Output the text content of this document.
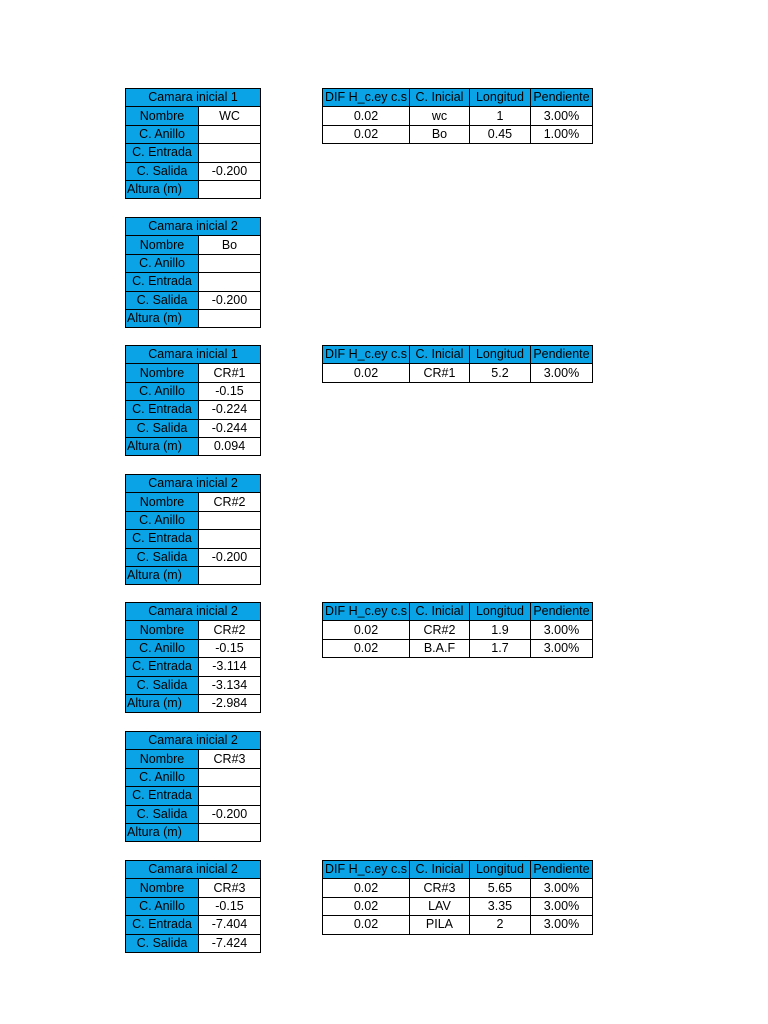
Camara inicial 1	
Nombre	WC
C. Anillo	
C. Entrada	
C. Salida	-0.200
Altura (m)	
Camara inicial 2	
Nombre	Bo
C. Anillo	
C. Entrada	
C. Salida	-0.200
Altura (m)	
Camara inicial 1	
Nombre	CR#1
C. Anillo	-0.15
C. Entrada	-0.224
C. Salida	-0.244
Altura (m)	0.094
Camara inicial 2	
Nombre	CR#2
C. Anillo	
C. Entrada	
C. Salida	-0.200
Altura (m)	
Camara inicial 2	
Nombre	CR#2
C. Anillo	-0.15
C. Entrada	-3.114
C. Salida	-3.134
Altura (m)	-2.984
Camara inicial 2	
Nombre	CR#3
C. Anillo	
C. Entrada	
C. Salida	-0.200
Altura (m)	
Camara inicial 2	
Nombre	CR#3
C. Anillo	-0.15
C. Entrada	-7.404
C. Salida	-7.424
DIF H_c.ey c.s	C. Inicial	Longitud	Pendiente
0.02	wc	1	3.00%
0.02	Bo	0.45	1.00%
DIF H_c.ey c.s	C. Inicial	Longitud	Pendiente
0.02	CR#1	5.2	3.00%
DIF H_c.ey c.s	C. Inicial	Longitud	Pendiente
0.02	CR#2	1.9	3.00%
0.02	B.A.F	1.7	3.00%
DIF H_c.ey c.s	C. Inicial	Longitud	Pendiente
0.02	CR#3	5.65	3.00%
0.02	LAV	3.35	3.00%
0.02	PILA	2	3.00%
